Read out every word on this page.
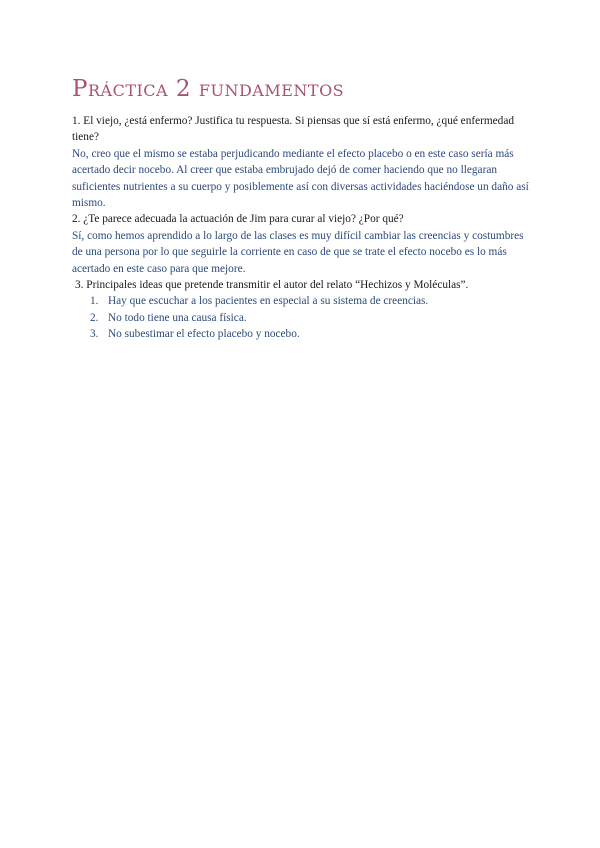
Práctica 2 fundamentos

1. El viejo, ¿está enfermo? Justifica tu respuesta. Si piensas que sí está enfermo, ¿qué enfermedad tiene?

No, creo que el mismo se estaba perjudicando mediante el efecto placebo o en este caso sería más acertado decir nocebo. Al creer que estaba embrujado dejó de comer haciendo que no llegaran suficientes nutrientes a su cuerpo y posiblemente así con diversas actividades haciéndose un daño así mismo.

2. ¿Te parece adecuada la actuación de Jim para curar al viejo? ¿Por qué?

Sí, como hemos aprendido a lo largo de las clases es muy difícil cambiar las creencias y costumbres de una persona por lo que seguirle la corriente en caso de que se trate el efecto nocebo es lo más acertado en este caso para que mejore.

3. Principales ideas que pretende transmitir el autor del relato “Hechizos y Moléculas”.

1. Hay que escuchar a los pacientes en especial a su sistema de creencias.
2. No todo tiene una causa física.
3. No subestimar el efecto placebo y nocebo.
